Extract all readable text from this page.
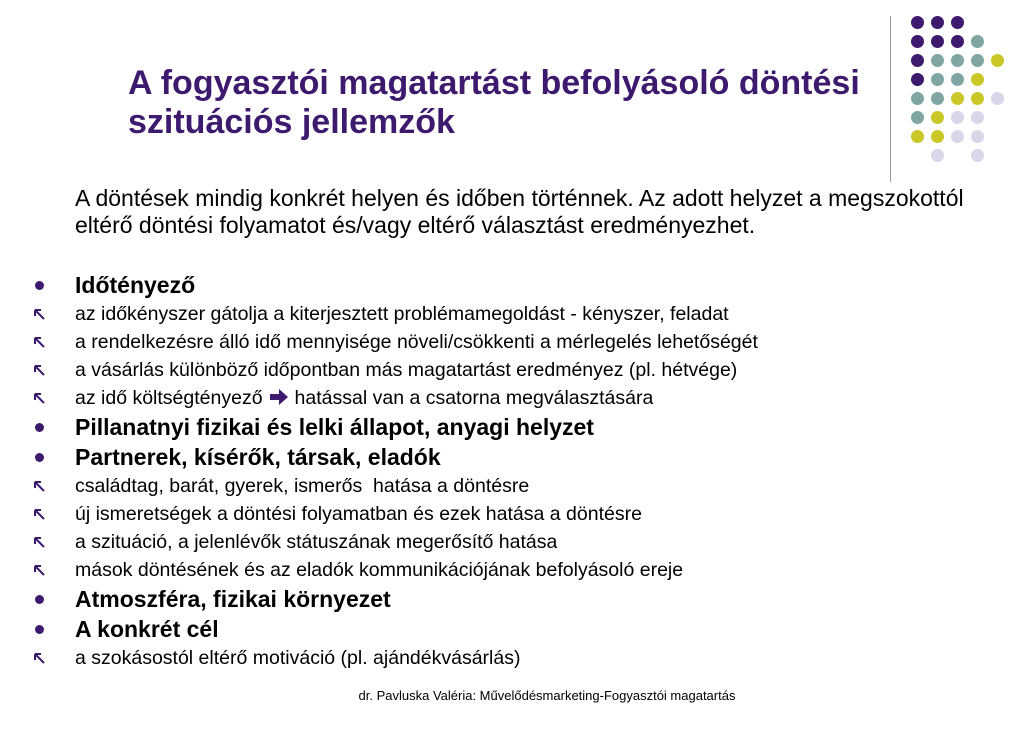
A fogyasztói magatartást befolyásoló döntési szituációs jellemzők
A döntések mindig konkrét helyen és időben történnek. Az adott helyzet a megszokottól eltérő döntési folyamatot és/vagy eltérő választást eredményezhet.
Időtényező
az időkényszer gátolja a kiterjesztett problémamegoldást - kényszer, feladat
a rendelkezésre álló idő mennyisége növeli/csökkenti a mérlegelés lehetőségét
a vásárlás különböző időpontban más magatartást eredményez (pl. hétvége)
az idő költségtényező hatással van a csatorna megválasztására
Pillanatnyi fizikai és lelki állapot, anyagi helyzet
Partnerek, kísérők, társak, eladók
családtag, barát, gyerek, ismerős  hatása a döntésre
új ismeretségek a döntési folyamatban és ezek hatása a döntésre
a szituáció, a jelenlévők státuszának megerősítő hatása
mások döntésének és az eladók kommunikációjának befolyásoló ereje
Atmoszféra, fizikai környezet
A konkrét cél
a szokásostól eltérő motiváció (pl. ajándékvásárlás)
dr. Pavluska Valéria: Művelődésmarketing-Fogyasztói magatartás
